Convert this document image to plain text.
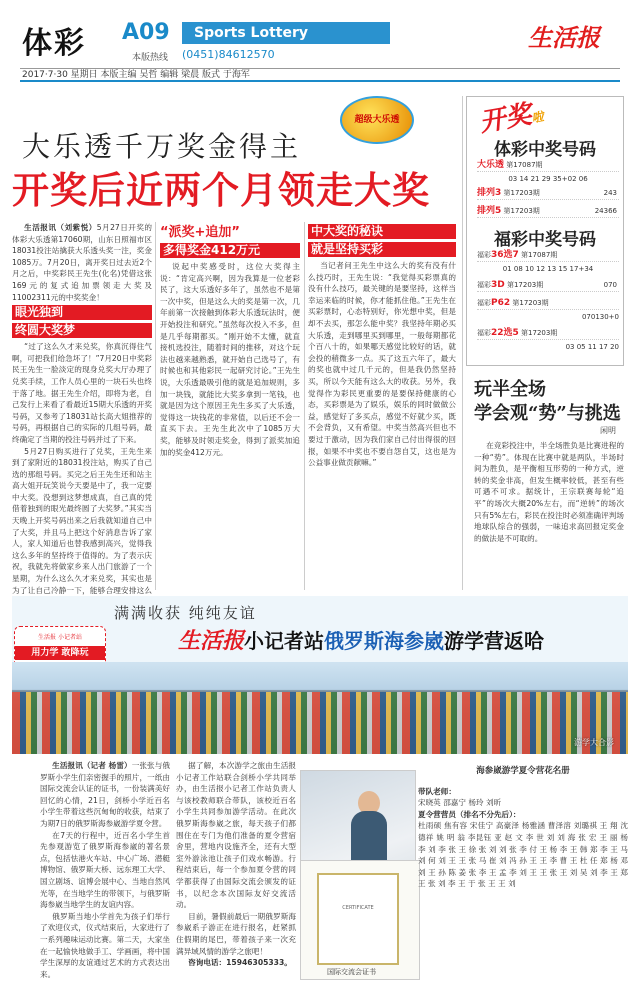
体彩 A09
本版热线
Sports Lottery
(0451)84612570
生活报
2017·7·30 星期日 本版主编 吴哲 编辑 梁晨 版式 于海军
超级大乐透
大乐透千万奖金得主
开奖后近两个月领走大奖

生活报讯（刘紫悦）5月27日开奖的体彩大乐透第17060期，山东日照福市区18031投注站擒获大乐透头奖一注，奖金1085万。7月20日，离开奖日过去近2个月之后，中奖彩民王先生(化名)凭借这张169元的复式追加票领走大奖及 11002311元的中奖奖金！

眼光独到
终圆大奖梦

“过了这么久才来兑奖，你真沉得住气啊，可把我们给急坏了！”7月20日中奖彩民王先生一脸淡定的现身兑奖大厅办理了兑奖手续，工作人员心里的一块石头也终于落了地。据王先生介绍，即将为老，自己发行上来看了看最近15期大乐透的开奖号码，又参考了18031站长高大姐推荐的号码，再根据自己的实际的几组号码，最终确定了当期的投注号码并过了下来。

5月27日购买进行了兑奖，王先生来到了家附近的18031投注站，购买了自己选的那组号码。买完之后王先生还和站主高大姐开玩笑说今天要是中了，我一定要中大奖。没想到这梦想成真，自己真的凭借着独到的眼光最终圆了大奖梦。”其实当天晚上开奖号码出来之后我就知道自己中了大奖，并且马上把这个好消息告诉了家人，家人知道后也替我感到高兴，觉得我这么多年的坚持终于值得的。为了表示庆祝，我就先将做家乡来人出门旅游了一个星期，为什么这么久才来兑奖，其实也是为了让自己冷静一下，能够合理安排这么

“派奖+追加”
多得奖金412万元

说起中奖感受时，这位大奖得主说：“肯定高兴啊，因为我算是一位老彩民了，这大乐透好多年了，虽然也不是第一次中奖，但是这么大的奖是第一次，几年前第一次接触到体彩大乐透玩法时，便开始投注和研究。”虽然每次投入不多，但是几乎每期都买。“刚开始不太懂，就直接机选投注，随着时间的推移，对这个玩法也越来越熟悉，就开始自己选号了，有时候也和其他彩民一起研究讨论。”王先生说，大乐透最吸引他的就是追加规则，多加一块钱，就能比大奖多拿到一笔钱，也就是因为这个原因王先生多买了大乐透，觉得这一块钱花的非常值，以后还不会一直买下去。王先生此次中了1085万大奖，能够及时领走奖金，得到了派奖加追加的奖金412万元。

中大奖的秘诀
就是坚持买彩

当记者问王先生中这么大的奖有没有什么技巧时，王先生说：“我觉得买彩票真的没有什么技巧，最关键的是要坚持，这样当幸运来临的时候，你才能抓住他。”王先生在买彩票时，心态特别好，你光想中奖，但是却不去买，那怎么能中奖？我坚持年期必买大乐透，走到哪里买到哪里，一般每期都花个百八十的，如果哪天感觉比较好的话，就会投的稍微多一点。买了这五六年了，最大的奖也就中过几千元的，但是我仍然坚持买，所以今天能有这么大的收获。另外，我觉得作为彩民更重要的是要保持健康的心态，买彩票是为了娱乐，娱乐的同时做做公益，感觉好了多买点，感觉不好就少买，既不会背负，又有希望。中奖当然高兴但也不要过于激动，因为我们家自己付出得很的回报，如果不中奖也不要自怨自艾，这也是为公益事业做贡献嘛。”

开奖啦
体彩中奖号码
大乐透 第17087期
03 14 21 29 35+02 06
排列3 第17203期	243
排列5 第17203期	24366
福彩中奖号码
福彩36选7 第17087期
01 08 10 12 13 15 17+34
福彩3D 第17203期	070
福彩P62 第17203期
070130+0
福彩22选5 第17203期
03 05 11 17 20
玩半全场
学会观“势”与挑选
闲明

在竞彩投注中，半全场胜负是比赛进程的一种“势”。体现在比赛中就是两队，半场时间为胜负，是平衡相互形势的一种方式，逆转的奖金非高，但发生概率较低，甚至有些可遇不可求。据统计，王宗联赛每轮“追平”的场次大概20%左右，而“逆转”的场次只有5%左右，彩民在投注时必须准确评判场地球队综合的强弱，一味追求高回报定奖金的做法是不可取的。

满满收获 纯纯友谊
生活报小记者站俄罗斯海参崴游学营返哈
生活报 小记者站
用力学 敢降玩
游学大合影

生活报讯（记者 杨雷）一张张与俄罗斯小学生们亲密握手的照片，一纸由国际交流会认证的证书，一份装满美好回忆的心情，21日，剑桥小学近百名小学生带着这些沉甸甸的收获，结束了为期7日的俄罗斯海参崴游学夏令营。

在7天的行程中，近百名小学生首先参观游览了俄罗斯海参崴的著名景点，包括怯港火车站、中心广场、潜艇博物馆、俄罗斯大桥、远东理工大学、国立剧场、谊博会展中心、当地自然风光等，在当地学生的带领下，与俄罗斯海参崴当地学生的友谊内容。

俄罗斯当地小学首先为孩子们举行了欢迎仪式，仪式结束后，大家进行了一系列趣味运动比赛。第二天，大家坐在一起愉快地做手工、学画画，将中国学生深厚的友谊通过艺术的方式表达出来。

据了解，本次游学之旅由生活报小记者工作站联合剑桥小学共同举办，由生活报小记者工作站负责人与该校教师联合带队，该校近百名小学生共同参加游学活动。在此次俄罗斯海参崴之旅，每天孩子们都围住在专门为他们准备的夏令营宿舍里，营地内设施齐全，还有大型室外游泳池让孩子们戏水畅游。行程结束后，每一个参加夏令营的同学都获得了由国际交流会颁发的证书，以纪念本次国际友好交流活动。

目前，暑假前最后一期俄罗斯海参崴系子游正在进行报名，赶紧抓住假期的尾巴，带着孩子来一次充满异域风情的游学之旅吧！

咨询电话：15946305333。

CERTIFICATE
国际交流会证书
海参崴游学夏令营花名册
带队老师：
宋晓英 邵嘉宁 杨玲 刘昕
夏令营营员（排名不分先后）：
杜雨硕 焦有容 宋佳宁 高豪泽 杨雅涵 曹泽溶 刘璐祺 王 翔 沈德祥 姚 明 翁 李昆钰 亚 赵 文 李 世 刘 刘 海 张 宏 王 丽 杨 李 刘 李 张 王 徐 张 刘 刘 张 李 付 王 杨 李 王 韩 郑 李 王 马 刘 何 刘 王 王 张 马 崔 刘 冯 孙 王 王 李 曹 王 杜 任 郑 杨 邓 刘 王 孙 陈 姜 张 李 王 孟 李 刘 王 王 张 王 刘 吴 刘 李 王 郑 王 张 刘 李 王 于 张 王 王 刘
